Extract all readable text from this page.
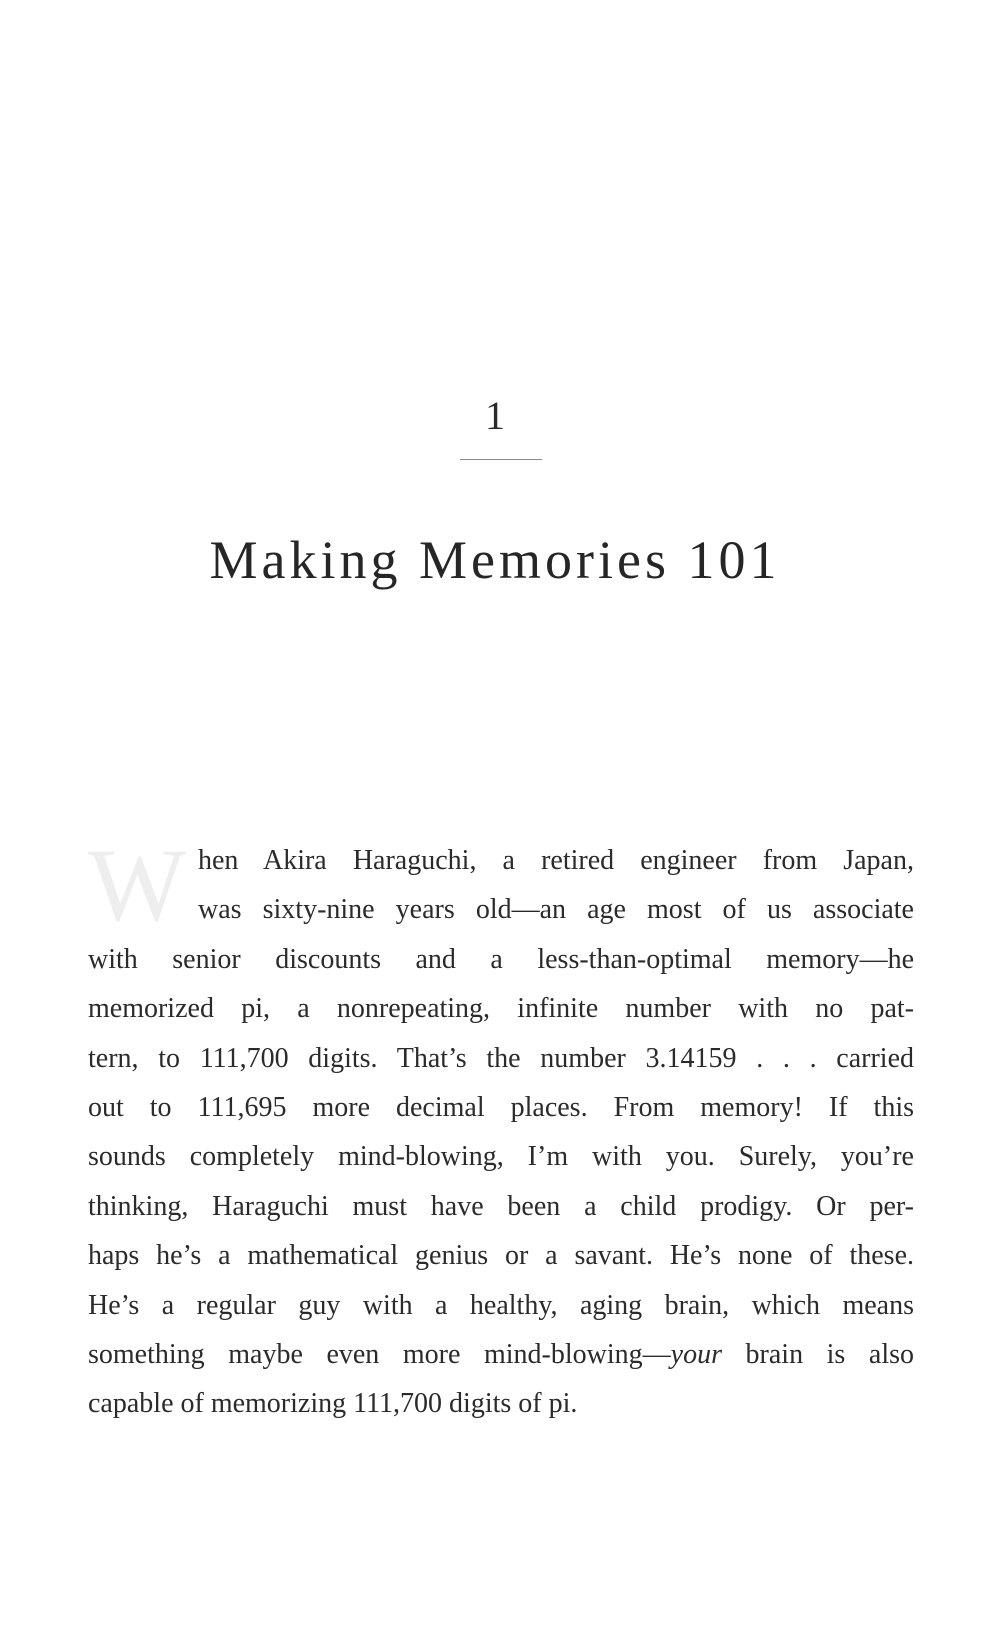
1
Making Memories 101
W hen Akira Haraguchi, a retired engineer from Japan,
was sixty-nine years old—an age most of us associate
with senior discounts and a less-than-optimal memory—he
memorized pi, a nonrepeating, infinite number with no pat-
tern, to 111,700 digits. That’s the number 3.14159 . . . carried
out to 111,695 more decimal places. From memory! If this
sounds completely mind-blowing, I’m with you. Surely, you’re
thinking, Haraguchi must have been a child prodigy. Or per-
haps he’s a mathematical genius or a savant. He’s none of these.
He’s a regular guy with a healthy, aging brain, which means
something maybe even more mind-blowing—your brain is also
capable of memorizing 111,700 digits of pi.
